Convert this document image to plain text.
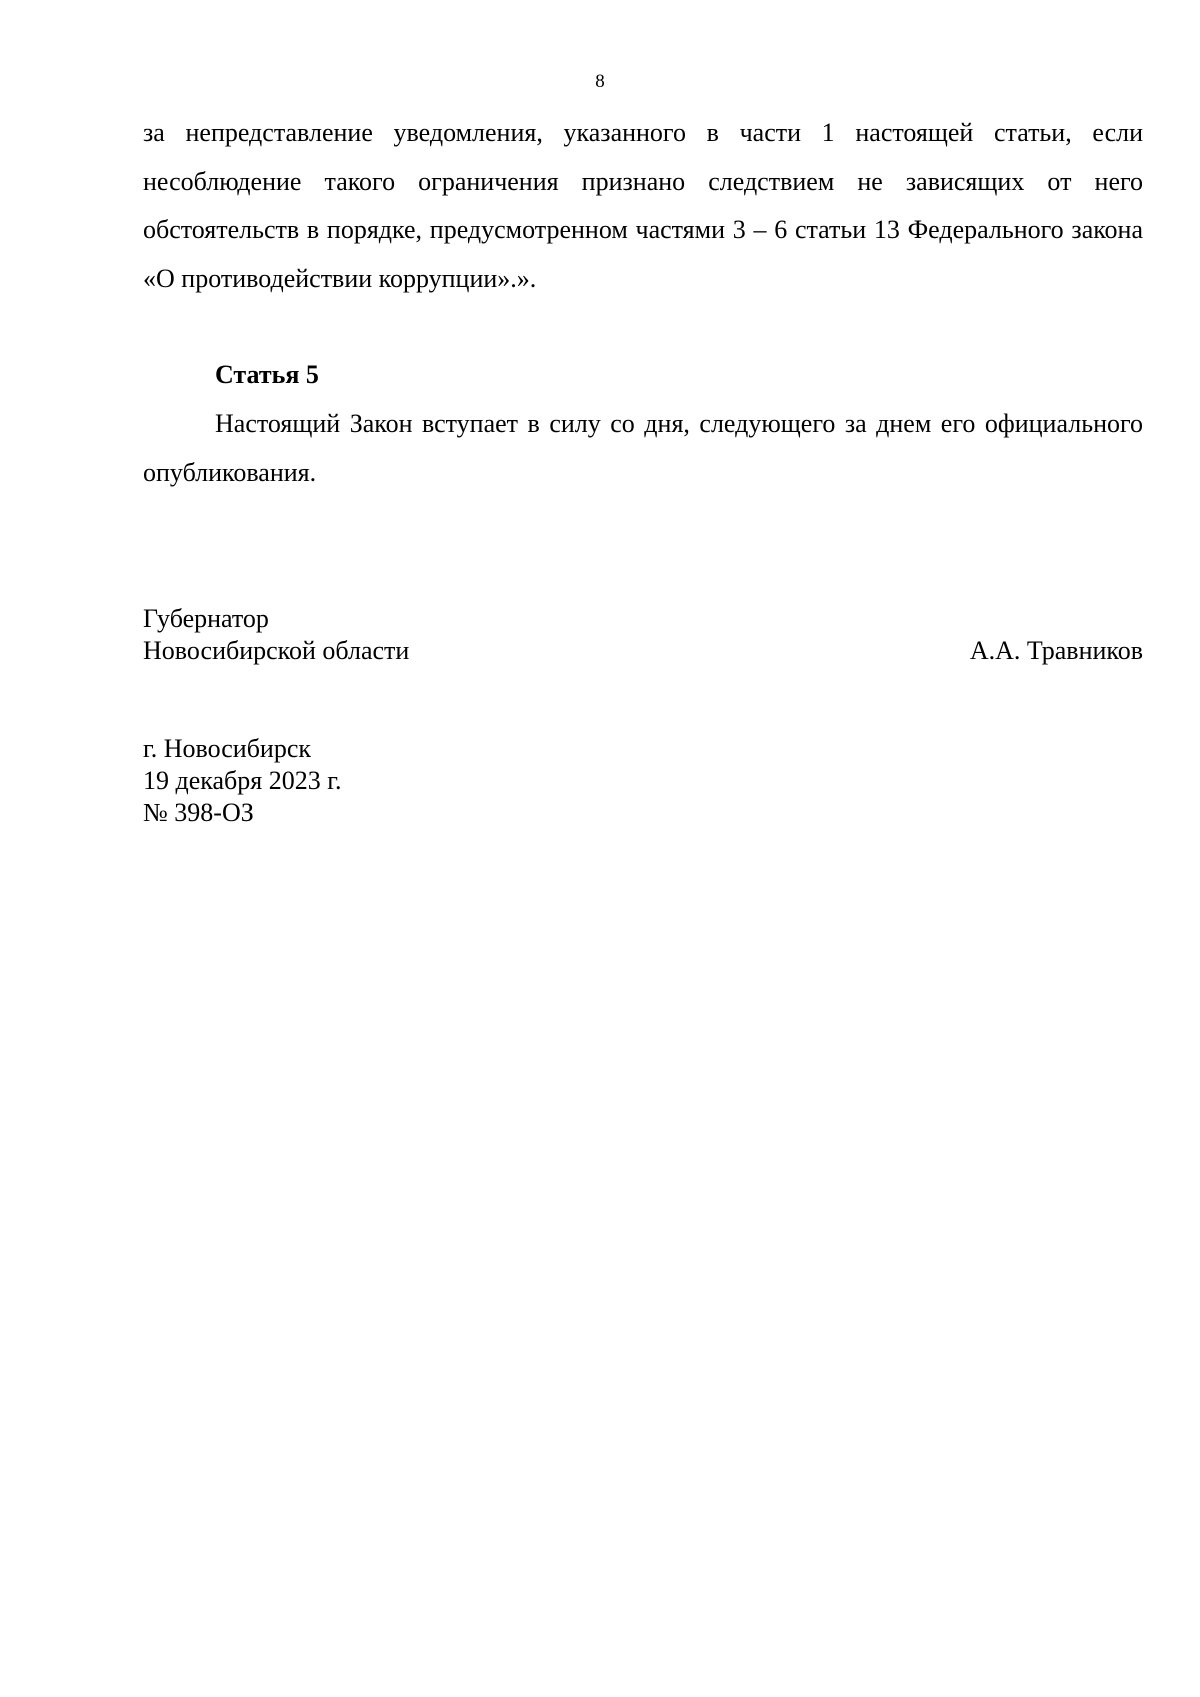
8

за непредставление уведомления, указанного в части 1 настоящей статьи, если несоблюдение такого ограничения признано следствием не зависящих от него обстоятельств в порядке, предусмотренном частями 3 – 6 статьи 13 Федерального закона «О противодействии коррупции».».

Статья 5

Настоящий Закон вступает в силу со дня, следующего за днем его официального опубликования.

Губернатор
Новосибирской области	А.А. Травников
г. Новосибирск
19 декабря 2023 г.
№ 398-ОЗ
